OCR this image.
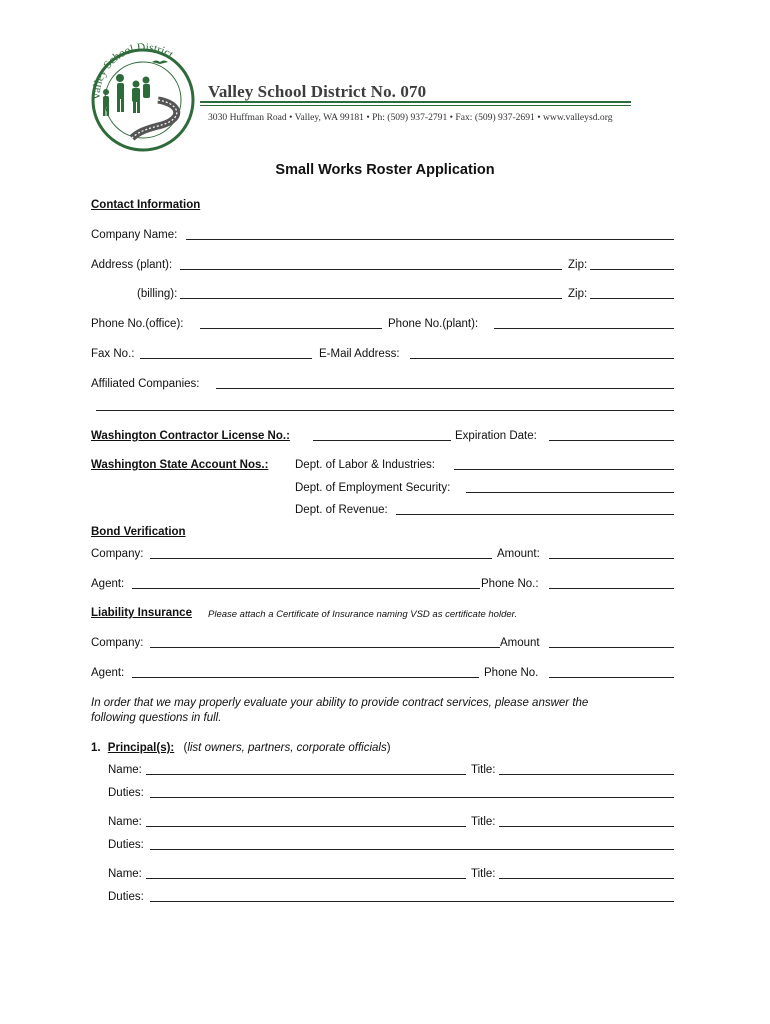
Valley School District
Valley School District No. 070
3030 Huffman Road • Valley, WA 99181 • Ph: (509) 937-2791 • Fax: (509) 937-2691 • www.valleysd.org
Small Works Roster Application
Contact Information
Company Name:
Address (plant):	Zip:
(billing):	Zip:
Phone No.(office):	Phone No.(plant):
Fax No.:	E-Mail Address:
Affiliated Companies:
Washington Contractor License No.:	Expiration Date:
Washington State Account Nos.: Dept. of Labor & Industries:
Dept. of Employment Security:
Dept. of Revenue:
Bond Verification
Company:	Amount:
Agent:	Phone No.:
Liability Insurance Please attach a Certificate of Insurance naming VSD as certificate holder.
Company:	Amount
Agent:	Phone No.
In order that we may properly evaluate your ability to provide contract services, please answer the
following questions in full.
1. Principal(s): (list owners, partners, corporate officials)
Name:	Title:
Duties:
Name:	Title:
Duties:
Name:	Title:
Duties:
